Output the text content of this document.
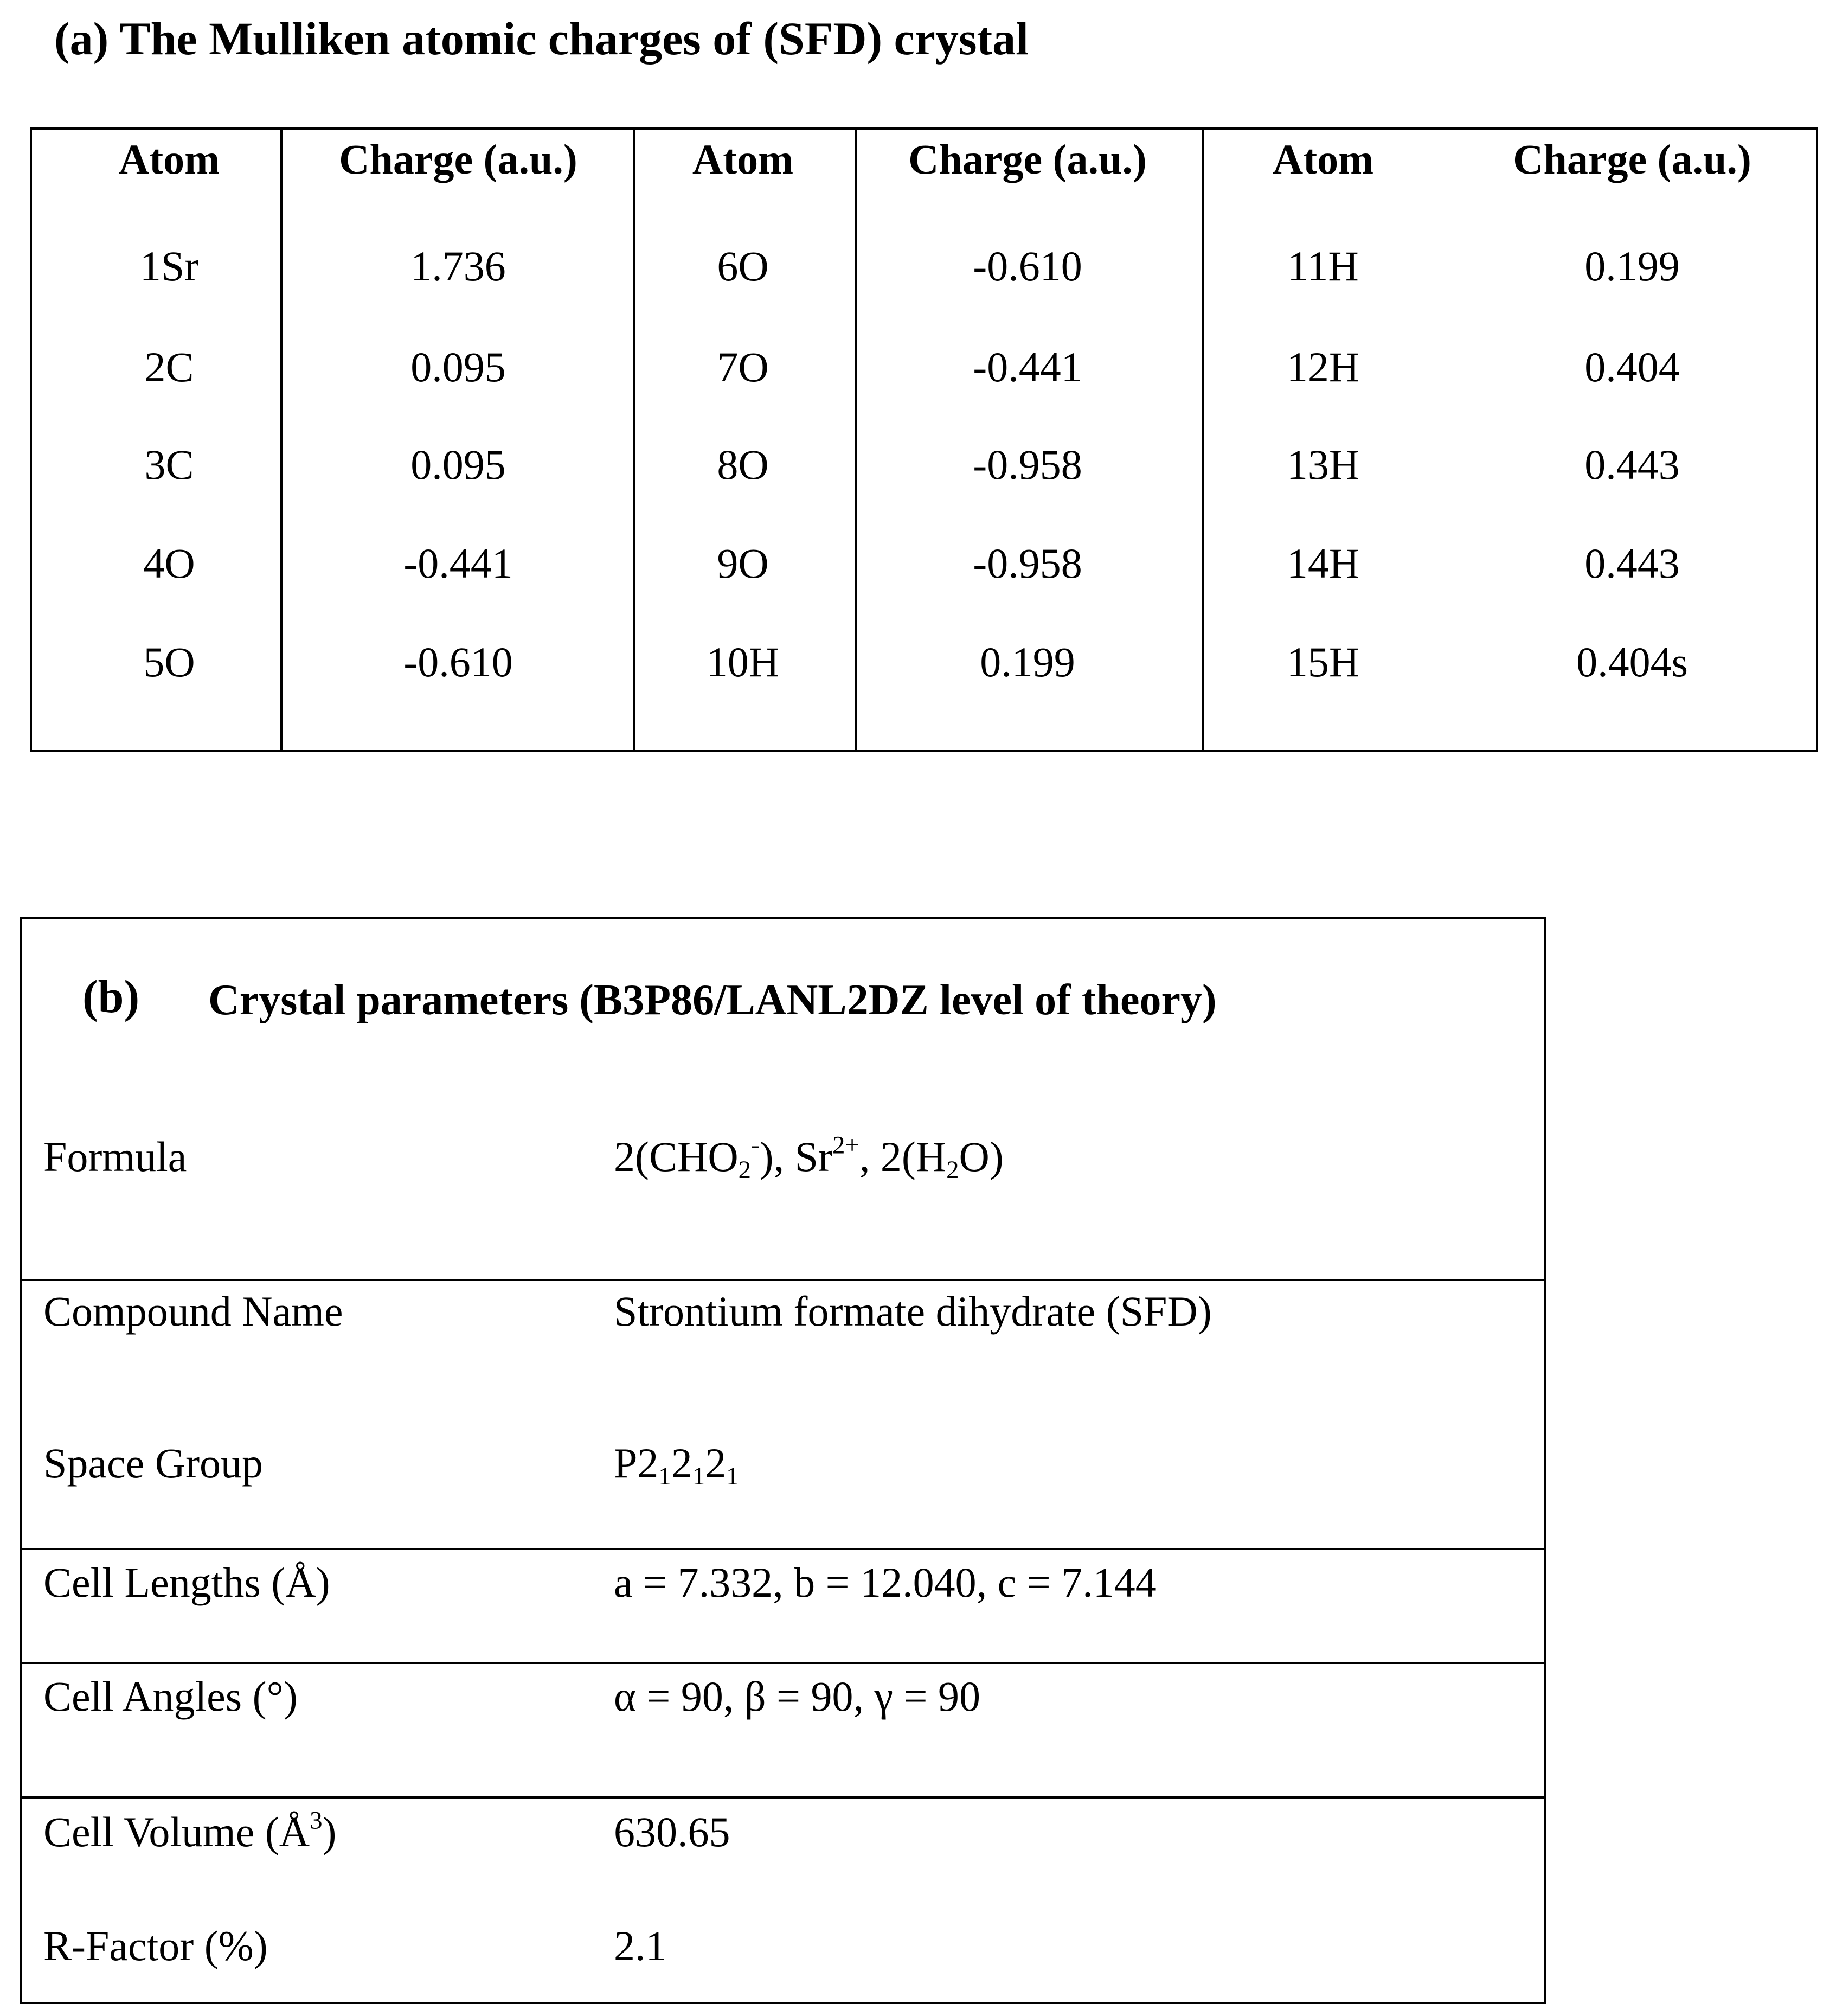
(a) The Mulliken atomic charges of (SFD) crystal
Atom	Charge (a.u.)	Atom	Charge (a.u.)	Atom	Charge (a.u.)
1Sr	1.736	6O	-0.610	11H	0.199
2C	0.095	7O	-0.441	12H	0.404
3C	0.095	8O	-0.958	13H	0.443
4O	-0.441	9O	-0.958	14H	0.443
5O	-0.610	10H	0.199	15H	0.404s
(b) Crystal parameters (B3P86/LANL2DZ level of theory)
Formula	$2(CHO_2^-)$, $Sr^{2+}$, $2(H_2O)$
Compound Name	Strontium formate dihydrate (SFD)
Space Group	$P2_12_12_1$
Cell Lengths (Å)	a = 7.332, b = 12.040, c = 7.144
Cell Angles (°)	α = 90, β = 90, γ = 90
Cell Volume $(Å^3)$	630.65
R-Factor (%)	2.1
